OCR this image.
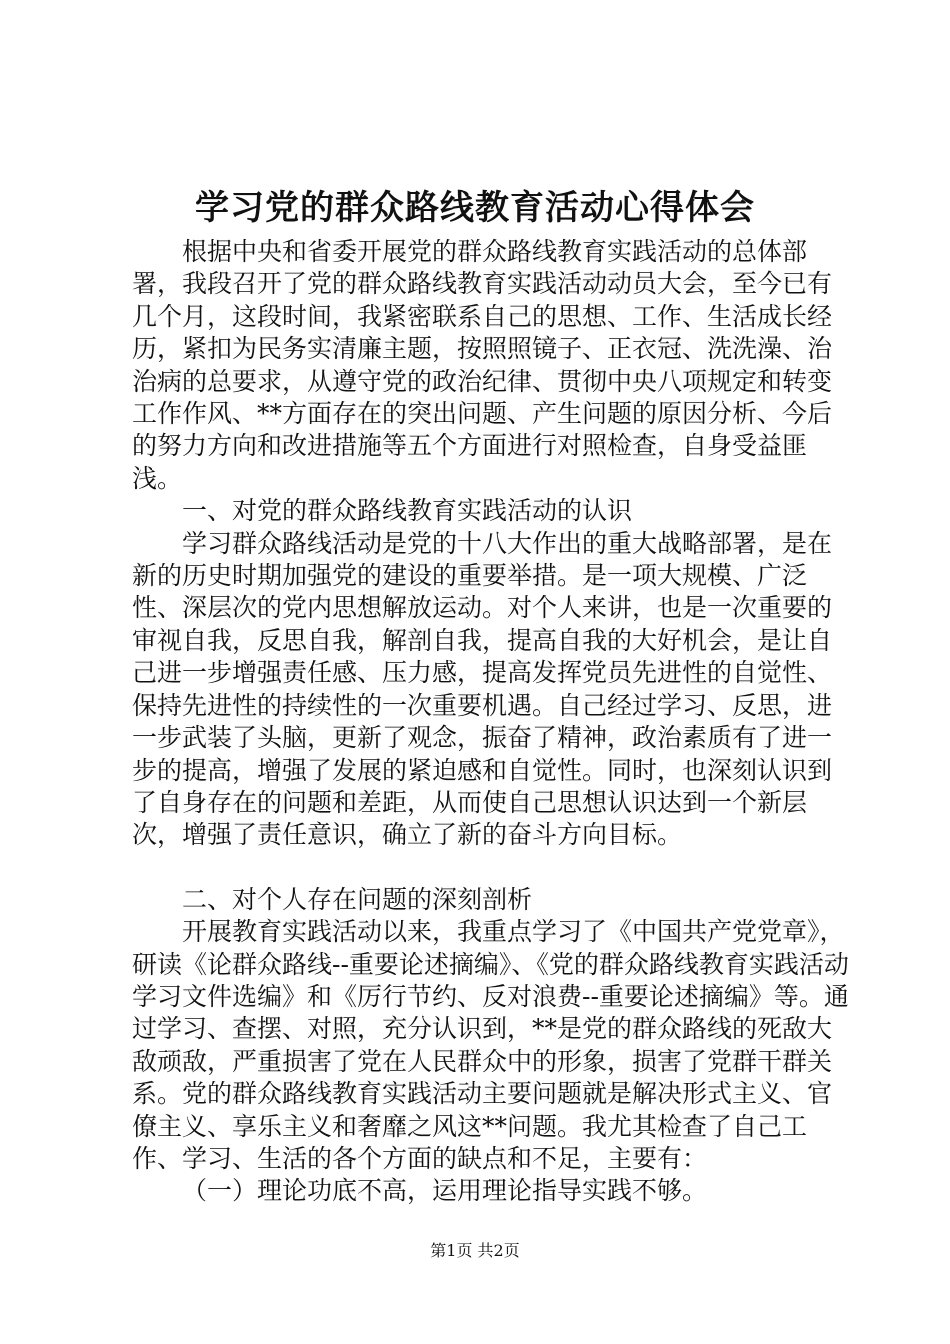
学习党的群众路线教育活动心得体会

根据中央和省委开展党的群众路线教育实践活动的总体部署，我段召开了党的群众路线教育实践活动动员大会，至今已有几个月，这段时间，我紧密联系自己的思想、工作、生活成长经历，紧扣为民务实清廉主题，按照照镜子、正衣冠、洗洗澡、治治病的总要求，从遵守党的政治纪律、贯彻中央八项规定和转变工作作风、**方面存在的突出问题、产生问题的原因分析、今后的努力方向和改进措施等五个方面进行对照检查，自身受益匪浅。

一、对党的群众路线教育实践活动的认识

学习群众路线活动是党的十八大作出的重大战略部署，是在新的历史时期加强党的建设的重要举措。是一项大规模、广泛性、深层次的党内思想解放运动。对个人来讲，也是一次重要的审视自我，反思自我，解剖自我，提高自我的大好机会，是让自己进一步增强责任感、压力感，提高发挥党员先进性的自觉性、保持先进性的持续性的一次重要机遇。自己经过学习、反思，进一步武装了头脑，更新了观念，振奋了精神，政治素质有了进一步的提高，增强了发展的紧迫感和自觉性。同时，也深刻认识到了自身存在的问题和差距，从而使自己思想认识达到一个新层次，增强了责任意识，确立了新的奋斗方向目标。

二、对个人存在问题的深刻剖析

开展教育实践活动以来，我重点学习了《中国共产党党章》，研读《论群众路线--重要论述摘编》、《党的群众路线教育实践活动学习文件选编》和《厉行节约、反对浪费--重要论述摘编》等。通过学习、查摆、对照，充分认识到，**是党的群众路线的死敌大敌顽敌，严重损害了党在人民群众中的形象，损害了党群干群关系。党的群众路线教育实践活动主要问题就是解决形式主义、官僚主义、享乐主义和奢靡之风这**问题。我尤其检查了自己工作、学习、生活的各个方面的缺点和不足，主要有：

（一）理论功底不高，运用理论指导实践不够。

第1页 共2页
